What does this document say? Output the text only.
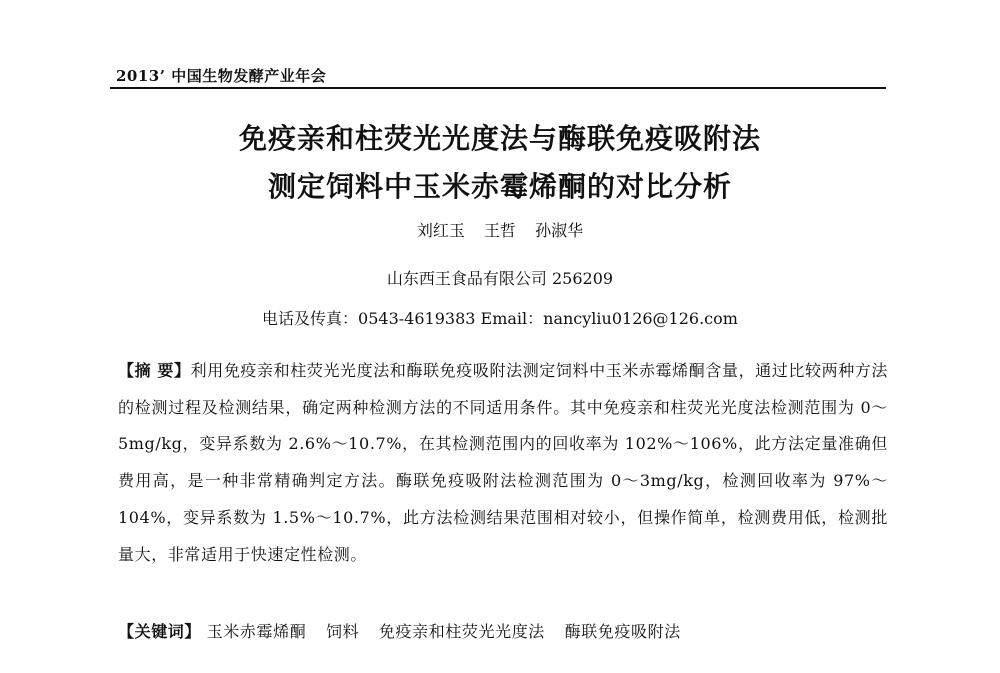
2013’ 中国生物发酵产业年会
免疫亲和柱荧光光度法与酶联免疫吸附法
测定饲料中玉米赤霉烯酮的对比分析
刘红玉 王哲 孙淑华
山东西王食品有限公司 256209
电话及传真：0543-4619383 Email：nancyliu0126@126.com
【摘 要】利用免疫亲和柱荧光光度法和酶联免疫吸附法测定饲料中玉米赤霉烯酮含量，通过比较两种方法的检测过程及检测结果，确定两种检测方法的不同适用条件。其中免疫亲和柱荧光光度法检测范围为 0～5mg/kg，变异系数为 2.6%～10.7%，在其检测范围内的回收率为 102%～106%，此方法定量准确但费用高，是一种非常精确判定方法。酶联免疫吸附法检测范围为 0～3mg/kg，检测回收率为 97%～104%，变异系数为 1.5%～10.7%，此方法检测结果范围相对较小，但操作简单，检测费用低，检测批量大，非常适用于快速定性检测。
【关键词】 玉米赤霉烯酮 饲料 免疫亲和柱荧光光度法 酶联免疫吸附法
